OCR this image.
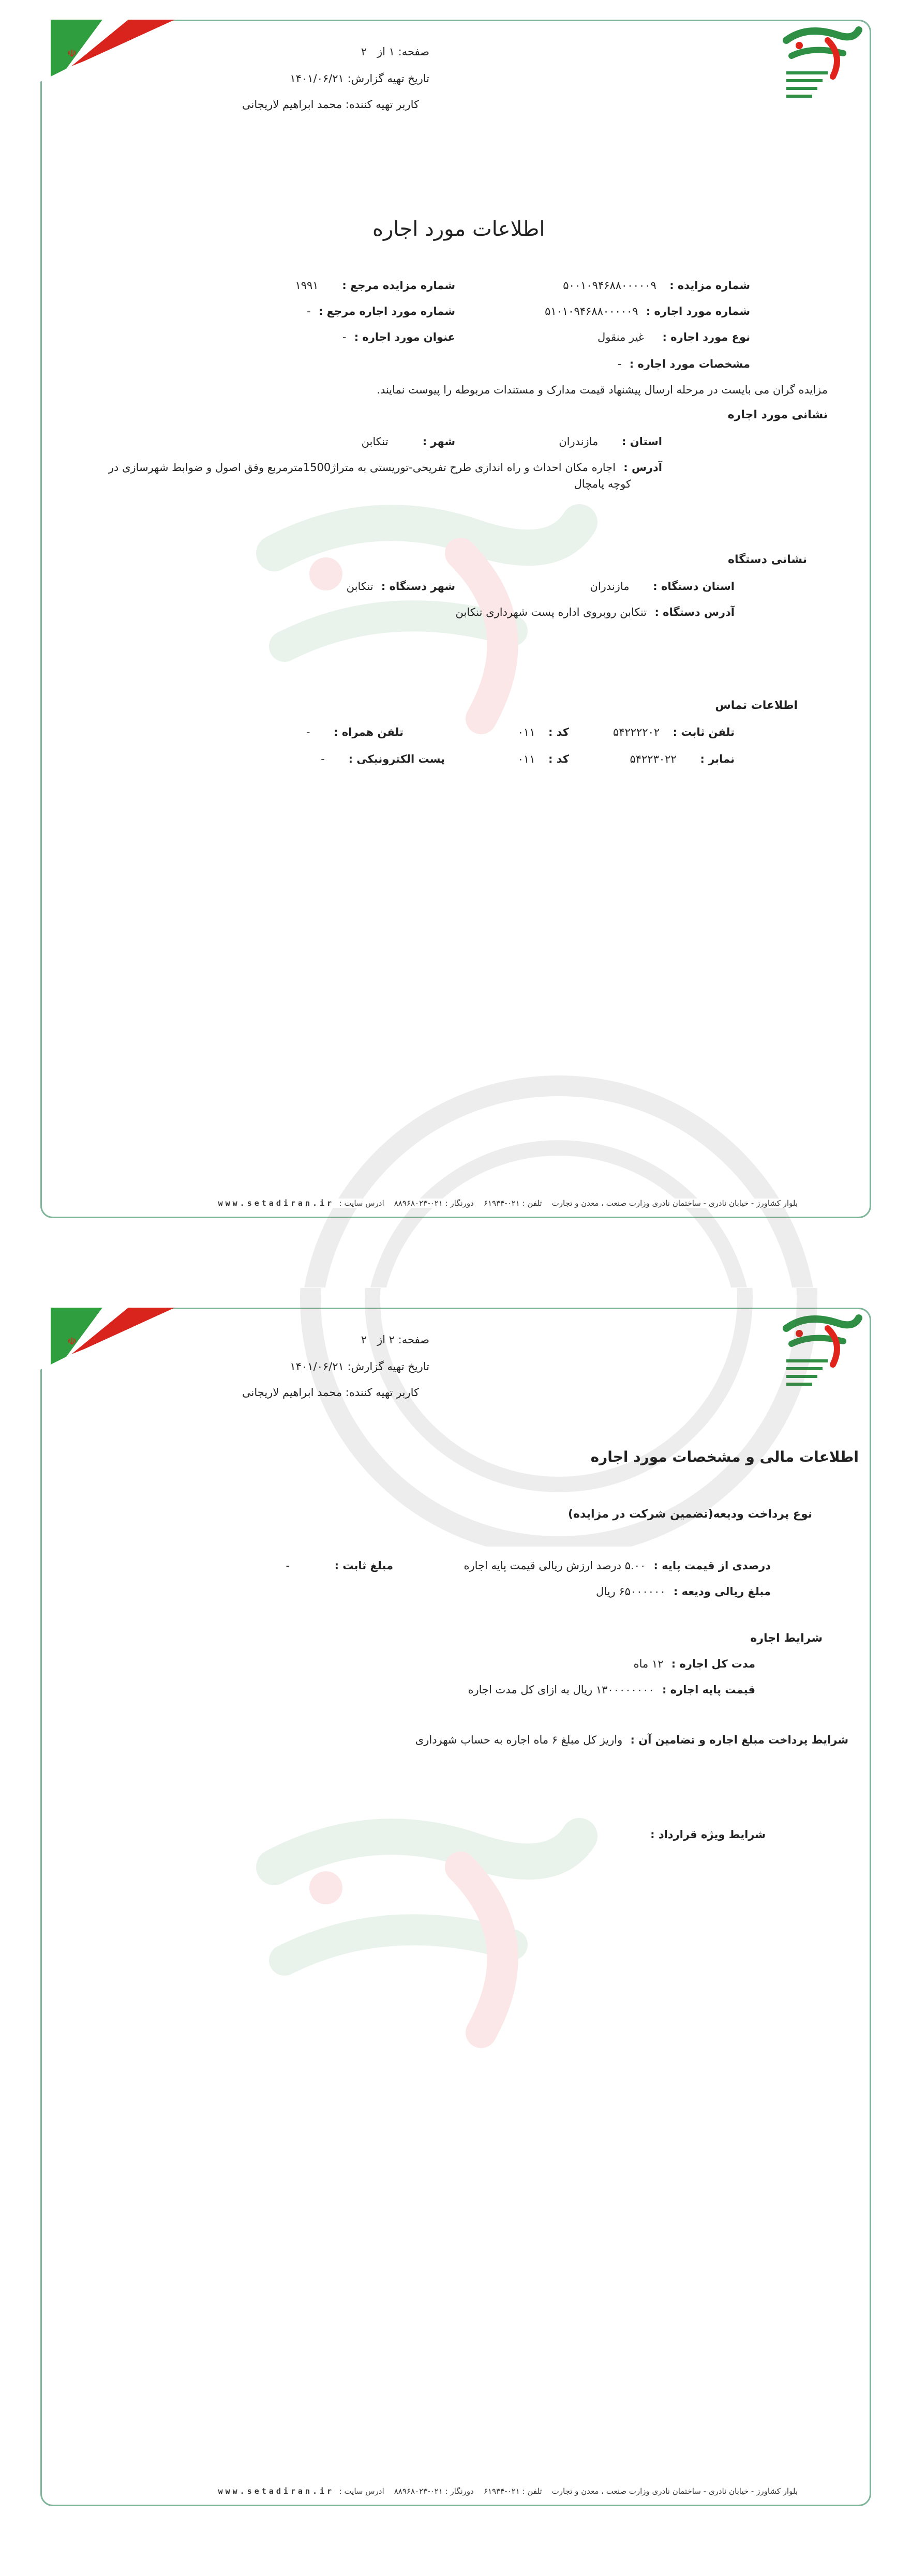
☫	صفحه: ۱ از   ۲
تاریخ تهیه گزارش: ۱۴۰۱/۰۶/۲۱
کاربر تهیه کننده: محمد ابراهیم لاریجانی
اطلاعات مورد اجاره
شماره مزایده :     ۵۰۰۱۰۹۴۶۸۸۰۰۰۰۰۹
شماره مزایده مرجع :         ۱۹۹۱
شماره مورد اجاره :   ۵۱۰۱۰۹۴۶۸۸۰۰۰۰۰۹
شماره مورد اجاره مرجع :   -
نوع مورد اجاره :       غیر منقول
عنوان مورد اجاره :   -
مشخصات مورد اجاره :   -
مزایده گران می بایست در مرحله ارسال پیشنهاد قیمت مدارک و مستندات مربوطه را پیوست نمایند.
نشانی مورد اجاره
استان :         مازندران
شهر :             تنکابن
آدرس :   اجاره مکان احداث و راه اندازی طرح تفریحی-توریستی به متراژ1500مترمربع وفق اصول و ضوابط شهرسازی در
کوچه پامچال
نشانی دستگاه
استان دستگاه :         مازندران
شهر دستگاه :   تنکابن
آدرس دستگاه :   تنکابن روبروی اداره پست شهرداری تنکابن
اطلاعات تماس
تلفن ثابت :     ۵۴۲۲۲۲۰۲
کد :     ۰۱۱
تلفن همراه :         -
نمابر :         ۵۴۲۲۳۰۲۲
کد :     ۰۱۱
پست الکترونیکی :         -
بلوار کشاورز - خیابان نادری - ساختمان نادری وزارت صنعت ، معدن و تجارت    تلفن : ۰۲۱-۶۱۹۳۴    دورنگار : ۰۲۱-۸۸۹۶۸۰۲۳    ادرس سایت :  www.setadiran.ir
☫	صفحه: ۲ از   ۲
تاریخ تهیه گزارش: ۱۴۰۱/۰۶/۲۱
کاربر تهیه کننده: محمد ابراهیم لاریجانی
اطلاعات مالی و مشخصات مورد اجاره
نوع پرداخت ودیعه(تضمین شرکت در مزایده)
درصدی از قیمت پایه :   ۵.۰۰ درصد ارزش ریالی قیمت پایه اجاره
مبلغ ثابت :                 -
مبلغ ریالی ودیعه :   ۶۵۰۰۰۰۰۰ ریال
شرایط اجاره
مدت کل اجاره :   ۱۲ ماه
قیمت پایه اجاره :   ۱۳۰۰۰۰۰۰۰۰ ریال به ازای کل مدت اجاره
شرایط پرداخت مبلغ اجاره و تضامین آن :   واریز کل مبلغ ۶ ماه اجاره به حساب شهرداری
شرایط ویژه قرارداد :
بلوار کشاورز - خیابان نادری - ساختمان نادری وزارت صنعت ، معدن و تجارت    تلفن : ۰۲۱-۶۱۹۳۴    دورنگار : ۰۲۱-۸۸۹۶۸۰۲۳    ادرس سایت :  www.setadiran.ir
